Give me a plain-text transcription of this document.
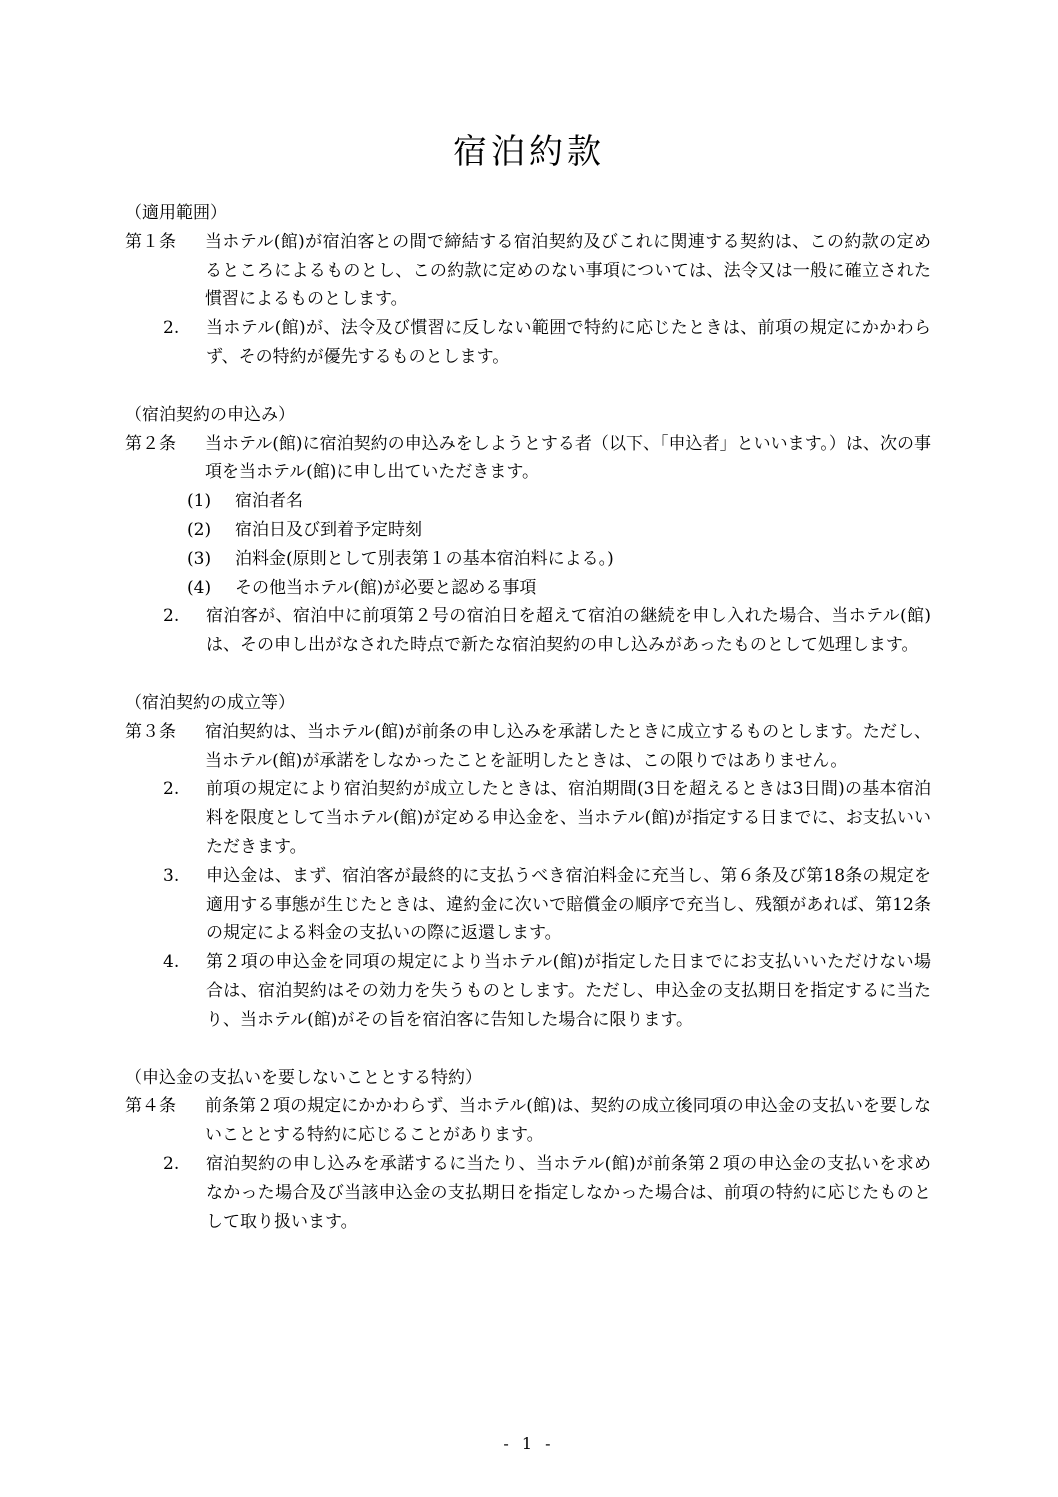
宿泊約款
（適用範囲）
第１条	当ホテル(館)が宿泊客との間で締結する宿泊契約及びこれに関連する契約は、この約款の定めるところによるものとし、この約款に定めのない事項については、法令又は一般に確立された慣習によるものとします。
2.	当ホテル(館)が、法令及び慣習に反しない範囲で特約に応じたときは、前項の規定にかかわらず、その特約が優先するものとします。
（宿泊契約の申込み）
第２条	当ホテル(館)に宿泊契約の申込みをしようとする者（以下、「申込者」といいます。）は、次の事項を当ホテル(館)に申し出ていただきます。
(1)	宿泊者名
(2)	宿泊日及び到着予定時刻
(3)	泊料金(原則として別表第１の基本宿泊料による。)
(4)	その他当ホテル(館)が必要と認める事項
2.	宿泊客が、宿泊中に前項第２号の宿泊日を超えて宿泊の継続を申し入れた場合、当ホテル(館)は、その申し出がなされた時点で新たな宿泊契約の申し込みがあったものとして処理します。
（宿泊契約の成立等）
第３条	宿泊契約は、当ホテル(館)が前条の申し込みを承諾したときに成立するものとします。ただし、当ホテル(館)が承諾をしなかったことを証明したときは、この限りではありません。
2.	前項の規定により宿泊契約が成立したときは、宿泊期間(3日を超えるときは3日間)の基本宿泊料を限度として当ホテル(館)が定める申込金を、当ホテル(館)が指定する日までに、お支払いいただきます。
3.	申込金は、まず、宿泊客が最終的に支払うべき宿泊料金に充当し、第６条及び第18条の規定を適用する事態が生じたときは、違約金に次いで賠償金の順序で充当し、残額があれば、第12条の規定による料金の支払いの際に返還します。
4.	第２項の申込金を同項の規定により当ホテル(館)が指定した日までにお支払いいただけない場合は、宿泊契約はその効力を失うものとします。ただし、申込金の支払期日を指定するに当たり、当ホテル(館)がその旨を宿泊客に告知した場合に限ります。
（申込金の支払いを要しないこととする特約）
第４条	前条第２項の規定にかかわらず、当ホテル(館)は、契約の成立後同項の申込金の支払いを要しないこととする特約に応じることがあります。
2.	宿泊契約の申し込みを承諾するに当たり、当ホテル(館)が前条第２項の申込金の支払いを求めなかった場合及び当該申込金の支払期日を指定しなかった場合は、前項の特約に応じたものとして取り扱います。
- 1 -
